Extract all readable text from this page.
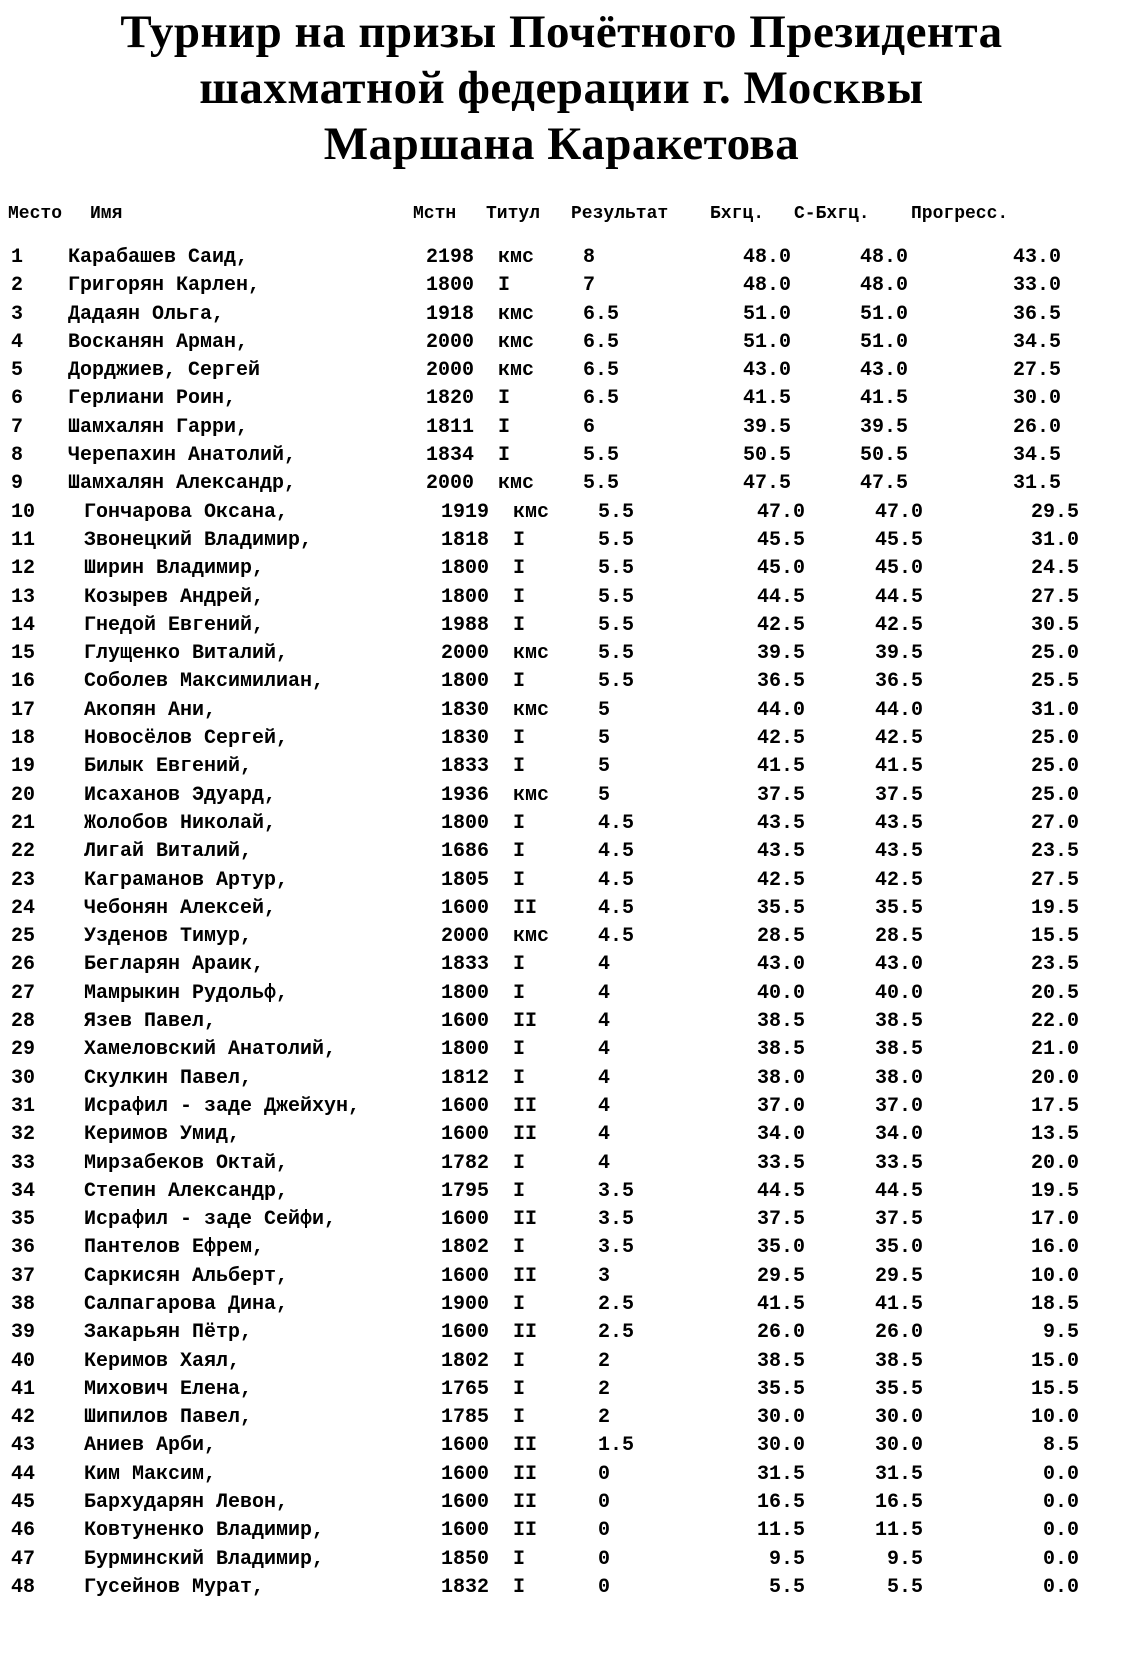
Турнир на призы Почётного Президента
шахматной федерации г. Москвы
Маршана Каракетова
Место Имя	Мстн Титул Результат Бхгц. С-Бхгц. Прогресс.
1 Карабашев Саид,	2198 кмс 8	48.0	48.0	43.0
2 Григорян Карлен,	1800 I	7	48.0	48.0	33.0
3 Дадаян Ольга,	1918 кмс 6.5	51.0	51.0	36.5
4 Восканян Арман,	2000 кмс 6.5	51.0	51.0	34.5
5 Дорджиев, Сергей	2000 кмс 6.5	43.0	43.0	27.5
6 Герлиани Роин,	1820 I	6.5	41.5	41.5	30.0
7 Шамхалян Гарри,	1811 I	6	39.5	39.5	26.0
8 Черепахин Анатолий,	1834 I	5.5	50.5	50.5	34.5
9 Шамхалян Александр,	2000 кмс 5.5	47.5	47.5	31.5
10 Гончарова Оксана,	1919 кмс 5.5	47.0	47.0	29.5
11 Звонецкий Владимир,	1818 I	5.5	45.5	45.5	31.0
12 Ширин Владимир,	1800 I	5.5	45.0	45.0	24.5
13 Козырев Андрей,	1800 I	5.5	44.5	44.5	27.5
14 Гнедой Евгений,	1988 I	5.5	42.5	42.5	30.5
15 Глущенко Виталий,	2000 кмс 5.5	39.5	39.5	25.0
16 Соболев Максимилиан,	1800 I	5.5	36.5	36.5	25.5
17 Акопян Ани,	1830 кмс 5	44.0	44.0	31.0
18 Новосёлов Сергей,	1830 I	5	42.5	42.5	25.0
19 Билык Евгений,	1833 I	5	41.5	41.5	25.0
20 Исаханов Эдуард,	1936 кмс 5	37.5	37.5	25.0
21 Жолобов Николай,	1800 I	4.5	43.5	43.5	27.0
22 Лигай Виталий,	1686 I	4.5	43.5	43.5	23.5
23 Каграманов Артур,	1805 I	4.5	42.5	42.5	27.5
24 Чебонян Алексей,	1600 II	4.5	35.5	35.5	19.5
25 Узденов Тимур,	2000 кмс 4.5	28.5	28.5	15.5
26 Бегларян Араик,	1833 I	4	43.0	43.0	23.5
27 Мамрыкин Рудольф,	1800 I	4	40.0	40.0	20.5
28 Язев Павел,	1600 II	4	38.5	38.5	22.0
29 Хамеловский Анатолий,	1800 I	4	38.5	38.5	21.0
30 Скулкин Павел,	1812 I	4	38.0	38.0	20.0
31 Исрафил - заде Джейхун,	1600 II	4	37.0	37.0	17.5
32 Керимов Умид,	1600 II	4	34.0	34.0	13.5
33 Мирзабеков Октай,	1782 I	4	33.5	33.5	20.0
34 Степин Александр,	1795 I	3.5	44.5	44.5	19.5
35 Исрафил - заде Сейфи,	1600 II	3.5	37.5	37.5	17.0
36 Пантелов Ефрем,	1802 I	3.5	35.0	35.0	16.0
37 Саркисян Альберт,	1600 II	3	29.5	29.5	10.0
38 Салпагарова Дина,	1900 I	2.5	41.5	41.5	18.5
39 Закарьян Пётр,	1600 II	2.5	26.0	26.0	9.5
40 Керимов Хаял,	1802 I	2	38.5	38.5	15.0
41 Михович Елена,	1765 I	2	35.5	35.5	15.5
42 Шипилов Павел,	1785 I	2	30.0	30.0	10.0
43 Аниев Арби,	1600 II	1.5	30.0	30.0	8.5
44 Ким Максим,	1600 II	0	31.5	31.5	0.0
45 Бархударян Левон,	1600 II	0	16.5	16.5	0.0
46 Ковтуненко Владимир,	1600 II	0	11.5	11.5	0.0
47 Бурминский Владимир,	1850 I	0	9.5	9.5	0.0
48 Гусейнов Мурат,	1832 I	0	5.5	5.5	0.0
